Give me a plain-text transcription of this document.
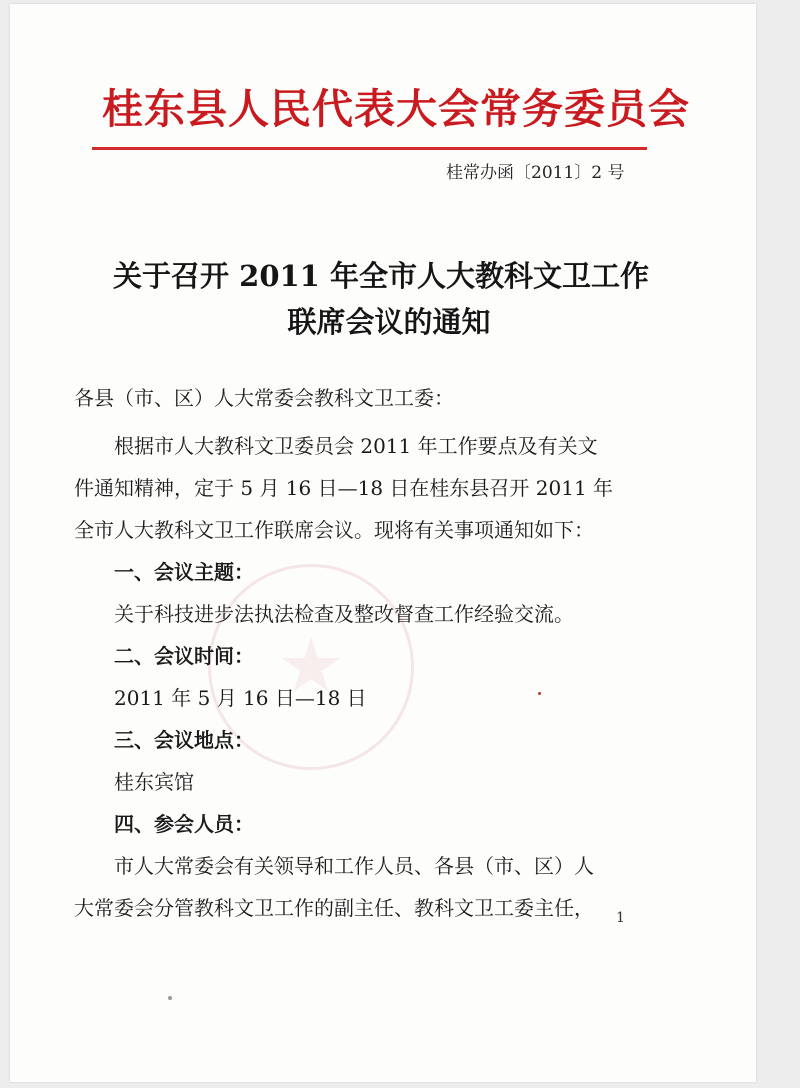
桂东县人民代表大会常务委员会
桂常办函〔2011〕2 号
关于召开 2011 年全市人大教科文卫工作
联席会议的通知
各县（市、区）人大常委会教科文卫工委：
根据市人大教科文卫委员会 2011 年工作要点及有关文
件通知精神，定于 5 月 16 日—18 日在桂东县召开 2011 年
全市人大教科文卫工作联席会议。现将有关事项通知如下：
一、会议主题：
关于科技进步法执法检查及整改督查工作经验交流。
二、会议时间：
2011 年 5 月 16 日—18 日
三、会议地点：
桂东宾馆
四、参会人员：
市人大常委会有关领导和工作人员、各县（市、区）人
大常委会分管教科文卫工作的副主任、教科文卫工委主任， 1
